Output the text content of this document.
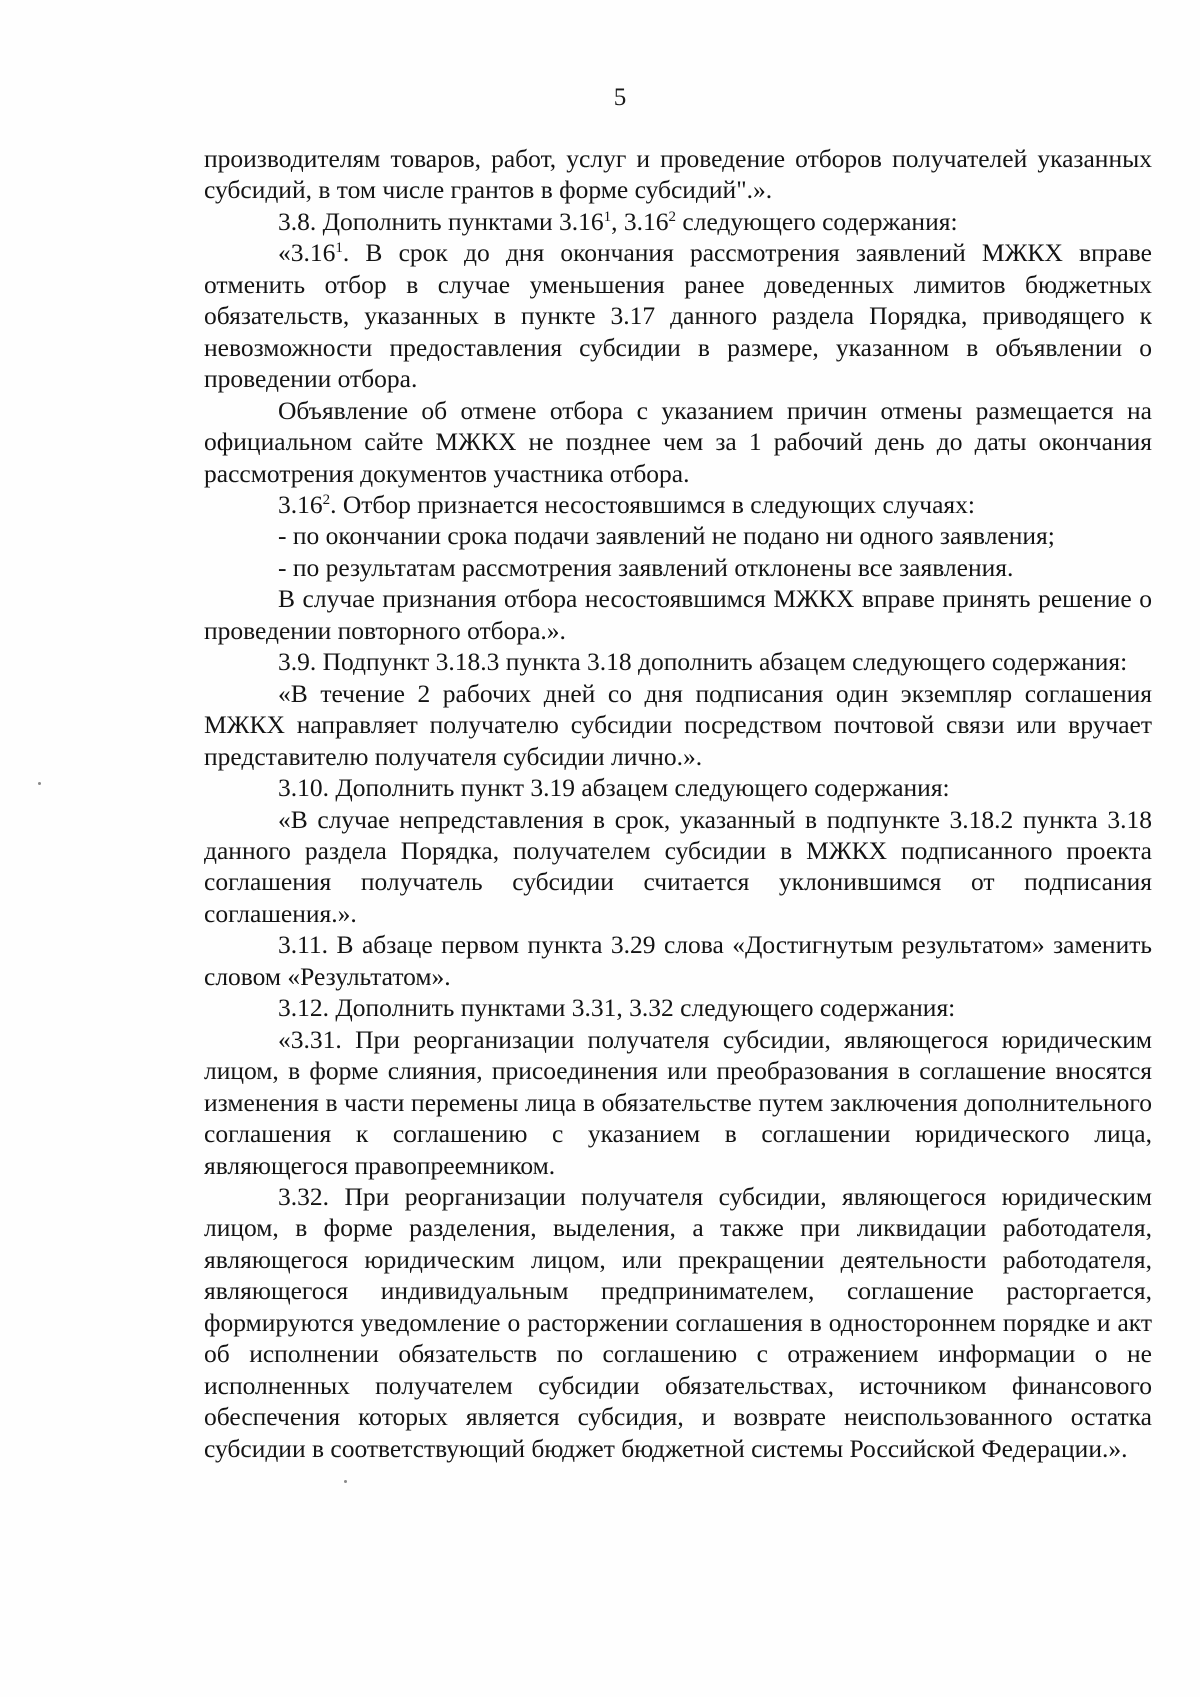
5

производителям товаров, работ, услуг и проведение отборов получателей указанных субсидий, в том числе грантов в форме субсидий".».

3.8. Дополнить пунктами 3.16$^1$, 3.16$^2$ следующего содержания:

«3.16$^1$. В срок до дня окончания рассмотрения заявлений МЖКХ вправе отменить отбор в случае уменьшения ранее доведенных лимитов бюджетных обязательств, указанных в пункте 3.17 данного раздела Порядка, приводящего к невозможности предоставления субсидии в размере, указанном в объявлении о проведении отбора.

Объявление об отмене отбора с указанием причин отмены размещается на официальном сайте МЖКХ не позднее чем за 1 рабочий день до даты окончания рассмотрения документов участника отбора.

3.16$^2$. Отбор признается несостоявшимся в следующих случаях:

- по окончании срока подачи заявлений не подано ни одного заявления;

- по результатам рассмотрения заявлений отклонены все заявления.

В случае признания отбора несостоявшимся МЖКХ вправе принять решение о проведении повторного отбора.».

3.9. Подпункт 3.18.3 пункта 3.18 дополнить абзацем следующего содержания:

«В течение 2 рабочих дней со дня подписания один экземпляр соглашения МЖКХ направляет получателю субсидии посредством почтовой связи или вручает представителю получателя субсидии лично.».

3.10. Дополнить пункт 3.19 абзацем следующего содержания:

«В случае непредставления в срок, указанный в подпункте 3.18.2 пункта 3.18 данного раздела Порядка, получателем субсидии в МЖКХ подписанного проекта соглашения получатель субсидии считается уклонившимся от подписания соглашения.».

3.11. В абзаце первом пункта 3.29 слова «Достигнутым результатом» заменить словом «Результатом».

3.12. Дополнить пунктами 3.31, 3.32 следующего содержания:

«3.31. При реорганизации получателя субсидии, являющегося юридическим лицом, в форме слияния, присоединения или преобразования в соглашение вносятся изменения в части перемены лица в обязательстве путем заключения дополнительного соглашения к соглашению с указанием в соглашении юридического лица, являющегося правопреемником.

3.32. При реорганизации получателя субсидии, являющегося юридическим лицом, в форме разделения, выделения, а также при ликвидации работодателя, являющегося юридическим лицом, или прекращении деятельности работодателя, являющегося индивидуальным предпринимателем, соглашение расторгается, формируются уведомление о расторжении соглашения в одностороннем порядке и акт об исполнении обязательств по соглашению с отражением информации о не исполненных получателем субсидии обязательствах, источником финансового обеспечения которых является субсидия, и возврате неиспользованного остатка субсидии в соответствующий бюджет бюджетной системы Российской Федерации.».
